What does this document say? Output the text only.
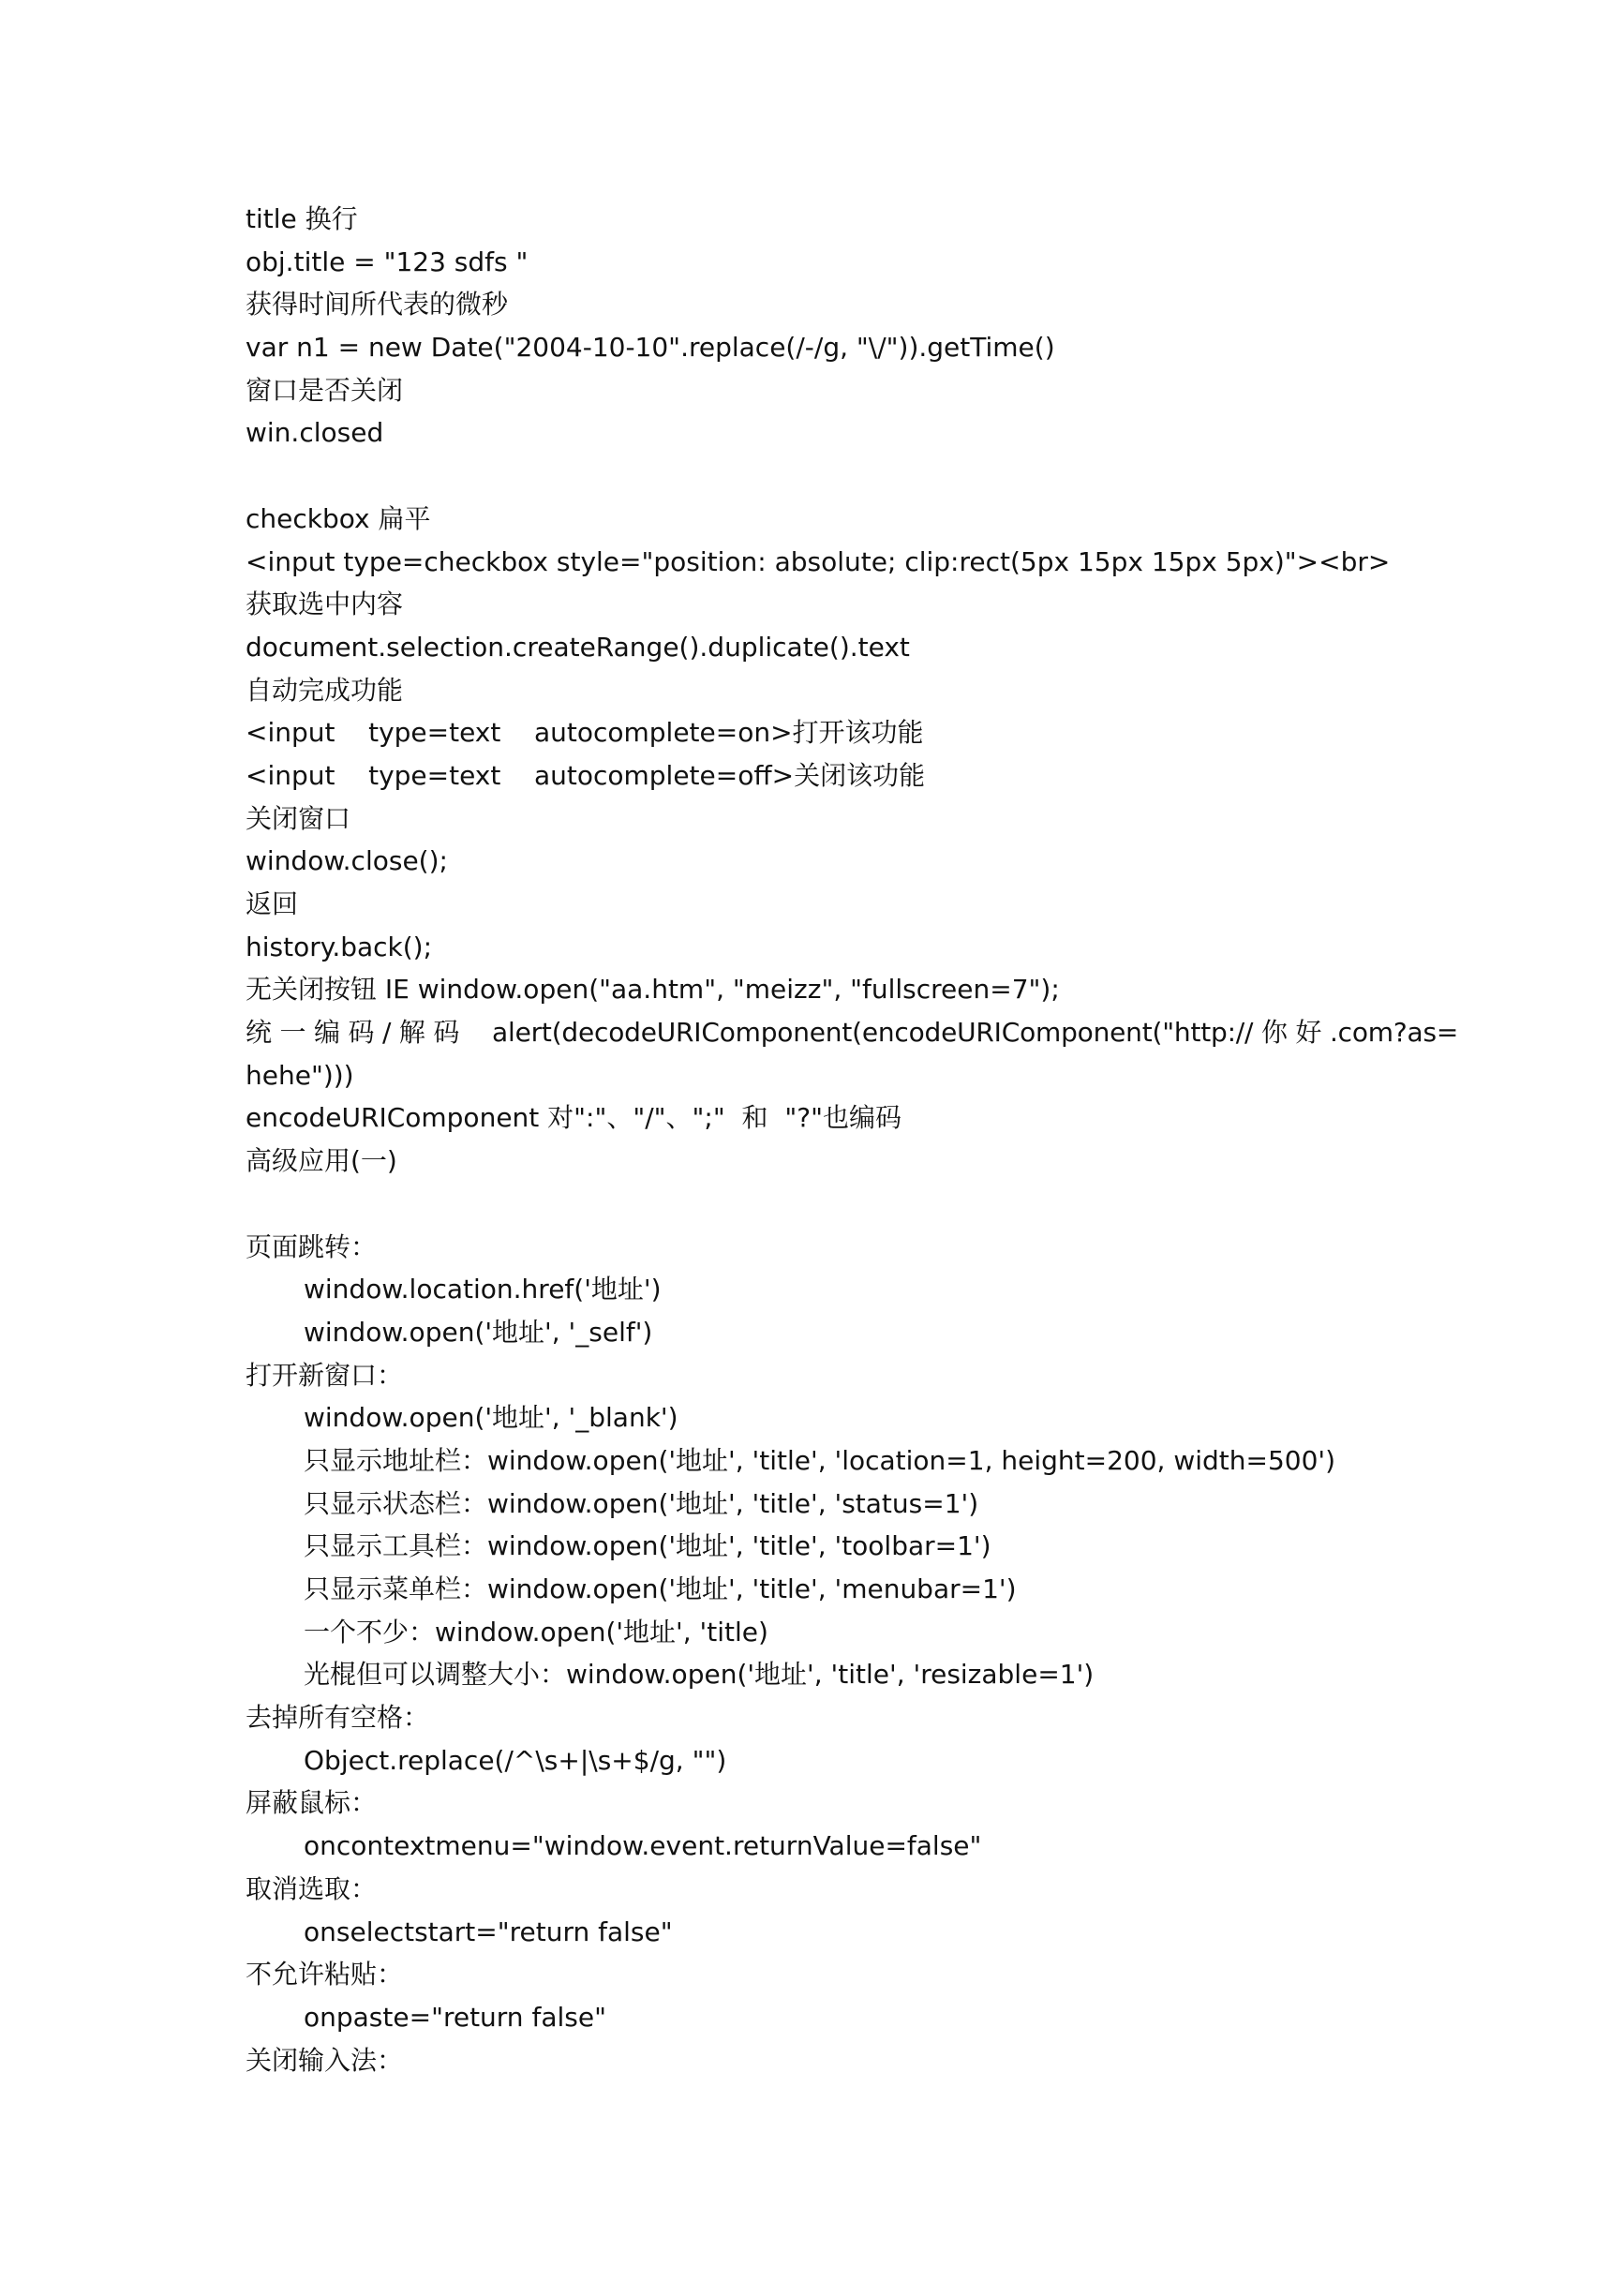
title 换行
obj.title = "123 sdfs "
获得时间所代表的微秒
var n1 = new Date("2004-10-10".replace(/-/g, "\/")).getTime()
窗口是否关闭
win.closed
checkbox 扁平
<input type=checkbox style="position: absolute; clip:rect(5px 15px 15px 5px)"><br>
获取选中内容
document.selection.createRange().duplicate().text
自动完成功能
<input    type=text    autocomplete=on>打开该功能
<input    type=text    autocomplete=off>关闭该功能
关闭窗口
window.close();
返回
history.back();
无关闭按钮 IE window.open("aa.htm", "meizz", "fullscreen=7");
统 一 编 码 / 解 码    alert(decodeURIComponent(encodeURIComponent("http:// 你 好 .com?as=
hehe")))
encodeURIComponent 对":"、"/"、";"  和  "?"也编码
高级应用(一)
页面跳转：
window.location.href('地址')
window.open('地址', '_self')
打开新窗口：
window.open('地址', '_blank')
只显示地址栏：window.open('地址', 'title', 'location=1, height=200, width=500')
只显示状态栏：window.open('地址', 'title', 'status=1')
只显示工具栏：window.open('地址', 'title', 'toolbar=1')
只显示菜单栏：window.open('地址', 'title', 'menubar=1')
一个不少：window.open('地址', 'title)
光棍但可以调整大小：window.open('地址', 'title', 'resizable=1')
去掉所有空格：
Object.replace(/^\s+|\s+$/g, "")
屏蔽鼠标：
oncontextmenu="window.event.returnValue=false"
取消选取：
onselectstart="return false"
不允许粘贴：
onpaste="return false"
关闭输入法：
